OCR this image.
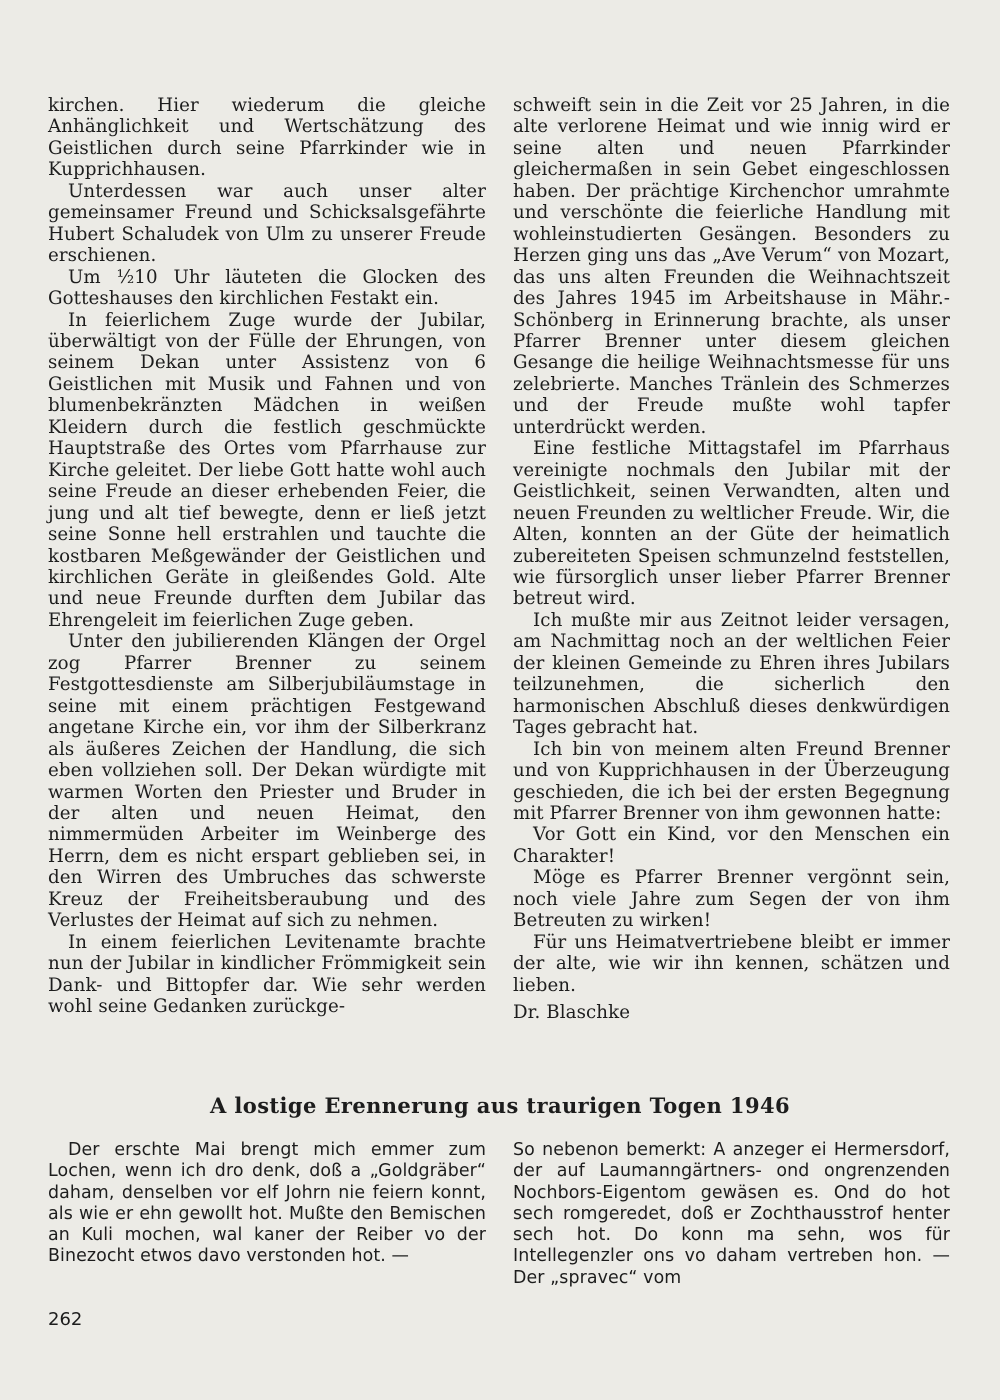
kirchen. Hier wiederum die gleiche Anhänglichkeit und Wertschätzung des Geistlichen durch seine Pfarrkinder wie in Kupprichhausen.

Unterdessen war auch unser alter gemeinsamer Freund und Schicksalsgefährte Hubert Schaludek von Ulm zu unserer Freude erschienen.

Um ½10 Uhr läuteten die Glocken des Gotteshauses den kirchlichen Festakt ein.

In feierlichem Zuge wurde der Jubilar, überwältigt von der Fülle der Ehrungen, von seinem Dekan unter Assistenz von 6 Geistlichen mit Musik und Fahnen und von blumenbekränzten Mädchen in weißen Kleidern durch die festlich geschmückte Hauptstraße des Ortes vom Pfarrhause zur Kirche geleitet. Der liebe Gott hatte wohl auch seine Freude an dieser erhebenden Feier, die jung und alt tief bewegte, denn er ließ jetzt seine Sonne hell erstrahlen und tauchte die kostbaren Meßgewänder der Geistlichen und kirchlichen Geräte in gleißendes Gold. Alte und neue Freunde durften dem Jubilar das Ehrengeleit im feierlichen Zuge geben.

Unter den jubilierenden Klängen der Orgel zog Pfarrer Brenner zu seinem Festgottesdienste am Silberjubiläumstage in seine mit einem prächtigen Festgewand angetane Kirche ein, vor ihm der Silberkranz als äußeres Zeichen der Handlung, die sich eben vollziehen soll. Der Dekan würdigte mit warmen Worten den Priester und Bruder in der alten und neuen Heimat, den nimmermüden Arbeiter im Weinberge des Herrn, dem es nicht erspart geblieben sei, in den Wirren des Umbruches das schwerste Kreuz der Freiheitsberaubung und des Verlustes der Heimat auf sich zu nehmen.

In einem feierlichen Levitenamte brachte nun der Jubilar in kindlicher Frömmigkeit sein Dank- und Bittopfer dar. Wie sehr werden wohl seine Gedanken zurückge-

schweift sein in die Zeit vor 25 Jahren, in die alte verlorene Heimat und wie innig wird er seine alten und neuen Pfarrkinder gleichermaßen in sein Gebet eingeschlossen haben. Der prächtige Kirchenchor umrahmte und verschönte die feierliche Handlung mit wohleinstudierten Gesängen. Besonders zu Herzen ging uns das „Ave Verum“ von Mozart, das uns alten Freunden die Weihnachtszeit des Jahres 1945 im Arbeitshause in Mähr.-Schönberg in Erinnerung brachte, als unser Pfarrer Brenner unter diesem gleichen Gesange die heilige Weihnachtsmesse für uns zelebrierte. Manches Tränlein des Schmerzes und der Freude mußte wohl tapfer unterdrückt werden.

Eine festliche Mittagstafel im Pfarrhaus vereinigte nochmals den Jubilar mit der Geistlichkeit, seinen Verwandten, alten und neuen Freunden zu weltlicher Freude. Wir, die Alten, konnten an der Güte der heimatlich zubereiteten Speisen schmunzelnd feststellen, wie fürsorglich unser lieber Pfarrer Brenner betreut wird.

Ich mußte mir aus Zeitnot leider versagen, am Nachmittag noch an der weltlichen Feier der kleinen Gemeinde zu Ehren ihres Jubilars teilzunehmen, die sicherlich den harmonischen Abschluß dieses denkwürdigen Tages gebracht hat.

Ich bin von meinem alten Freund Brenner und von Kupprichhausen in der Überzeugung geschieden, die ich bei der ersten Begegnung mit Pfarrer Brenner von ihm gewonnen hatte:

Vor Gott ein Kind, vor den Menschen ein Charakter!

Möge es Pfarrer Brenner vergönnt sein, noch viele Jahre zum Segen der von ihm Betreuten zu wirken!

Für uns Heimatvertriebene bleibt er immer der alte, wie wir ihn kennen, schätzen und lieben.

Dr. Blaschke

A lostige Erennerung aus traurigen Togen 1946

Der erschte Mai brengt mich emmer zum Lochen, wenn ich dro denk, doß a „Goldgräber“ daham, denselben vor elf Johrn nie feiern konnt, als wie er ehn gewollt hot. Mußte den Bemischen an Kuli mochen, wal kaner der Reiber vo der Binezocht etwos davo verstonden hot. —

So nebenon bemerkt: A anzeger ei Hermersdorf, der auf Laumanngärtners- ond ongrenzenden Nochbors-Eigentom gewäsen es. Ond do hot sech romgeredet, doß er Zochthausstrof henter sech hot. Do konn ma sehn, wos für Intellegenzler ons vo daham vertreben hon. — Der „spravec“ vom

262
